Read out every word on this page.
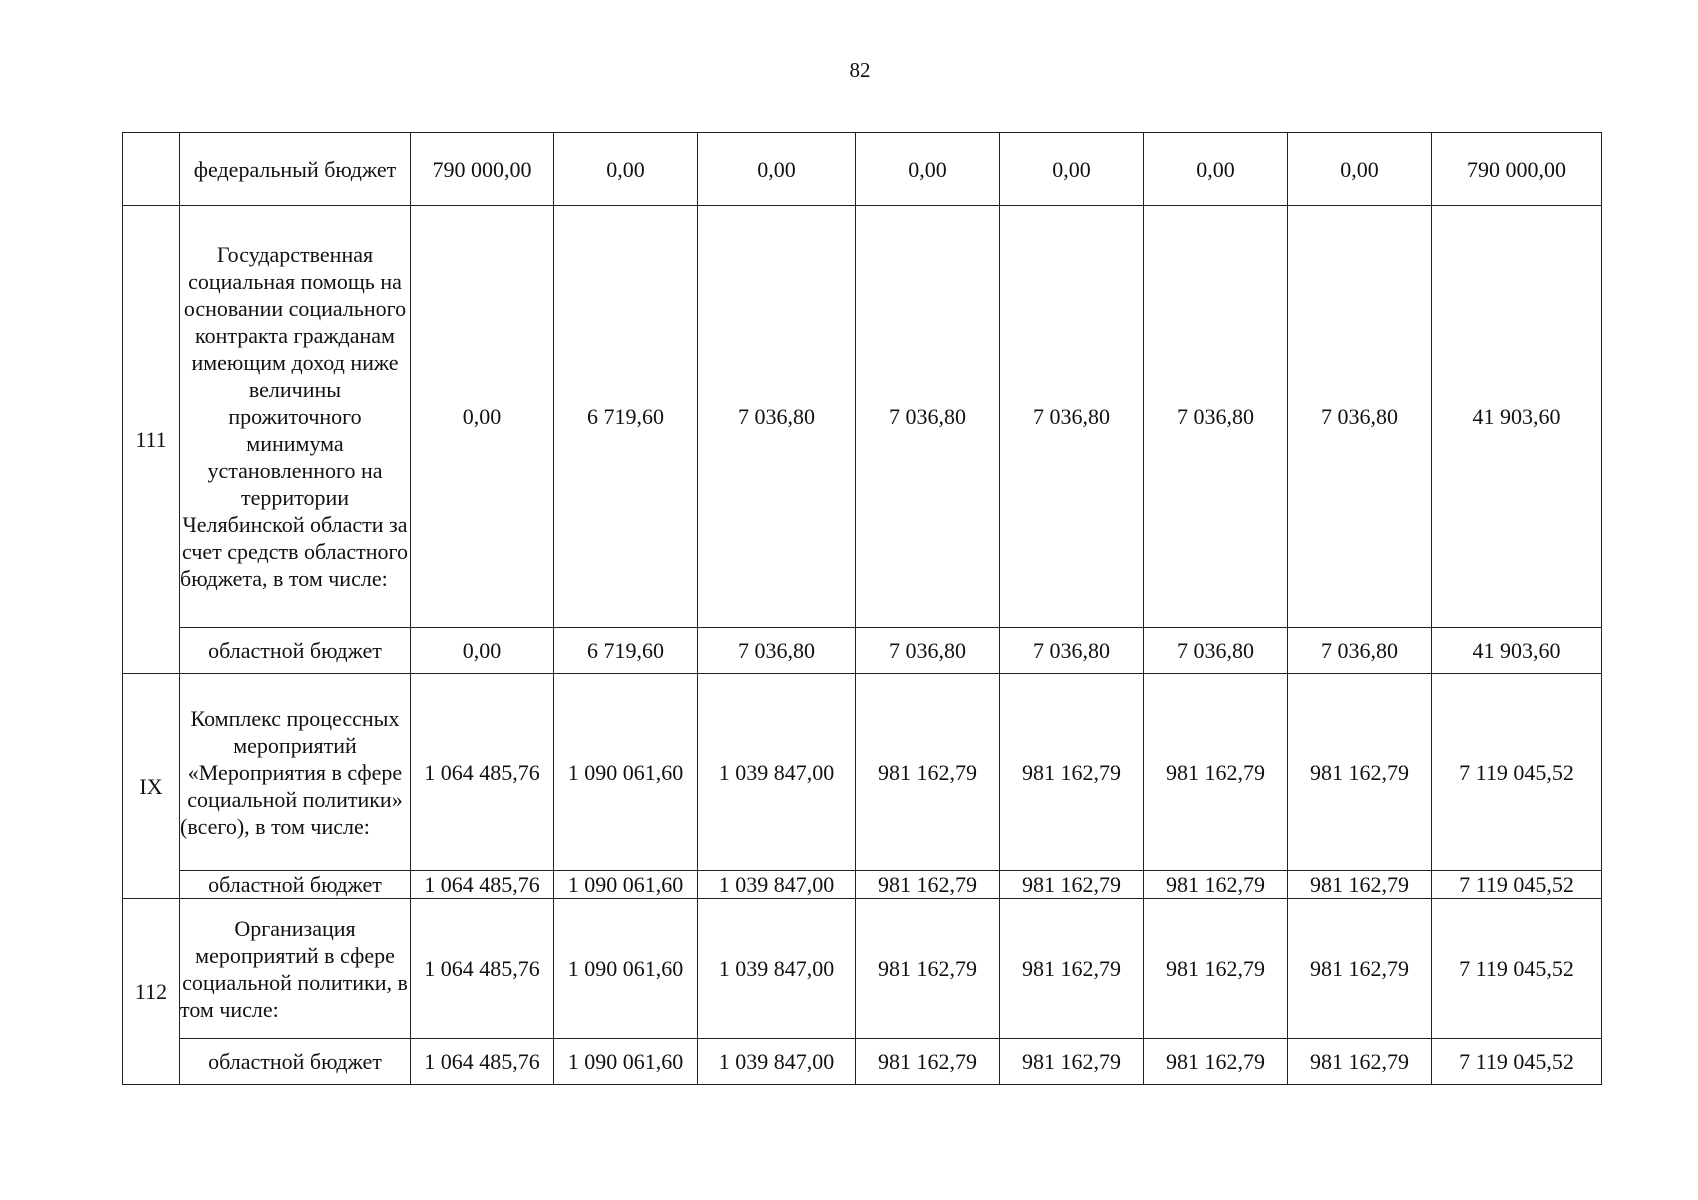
82
	федеральный бюджет	790 000,00	0,00	0,00	0,00	0,00	0,00	0,00	790 000,00
111	Государственная социальная помощь на основании социального контракта гражданам имеющим доход ниже величины прожиточного минимума установленного на территории Челябинской области за счет средств областного бюджета, в том числе:	0,00	6 719,60	7 036,80	7 036,80	7 036,80	7 036,80	7 036,80	41 903,60
	областной бюджет	0,00	6 719,60	7 036,80	7 036,80	7 036,80	7 036,80	7 036,80	41 903,60
IX	Комплекс процессных мероприятий «Мероприятия в сфере социальной политики» (всего), в том числе:	1 064 485,76	1 090 061,60	1 039 847,00	981 162,79	981 162,79	981 162,79	981 162,79	7 119 045,52
	областной бюджет	1 064 485,76	1 090 061,60	1 039 847,00	981 162,79	981 162,79	981 162,79	981 162,79	7 119 045,52
112	Организация мероприятий в сфере социальной политики, в том числе:	1 064 485,76	1 090 061,60	1 039 847,00	981 162,79	981 162,79	981 162,79	981 162,79	7 119 045,52
	областной бюджет	1 064 485,76	1 090 061,60	1 039 847,00	981 162,79	981 162,79	981 162,79	981 162,79	7 119 045,52
